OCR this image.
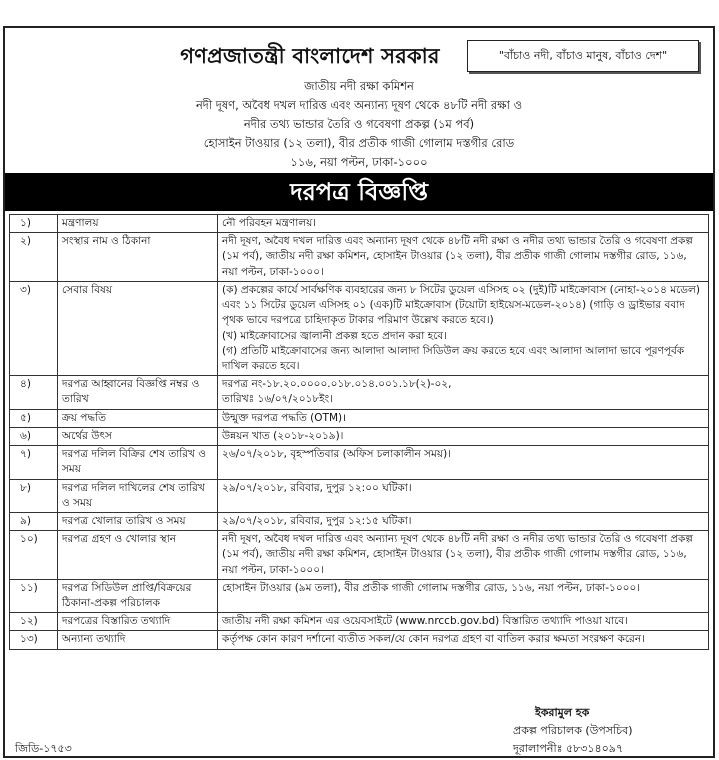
গণপ্রজাতন্ত্রী বাংলাদেশ সরকার	"বাঁচাও নদী, বাঁচাও মানুষ, বাঁচাও দেশ"
জাতীয় নদী রক্ষা কমিশন
নদী দূষণ, অবৈধ দখল দারিত্ত এবং অন্যান্য দূষণ থেকে ৪৮টি নদী রক্ষা ও
নদীর তথ্য ভান্ডার তৈরি ও গবেষণা প্রকল্প (১ম পর্ব)
হোসাইন টাওয়ার (১২ তলা), বীর প্রতীক গাজী গোলাম দস্তগীর রোড
১১৬, নয়া পল্টন, ঢাকা-১০০০
দরপত্র বিজ্ঞপ্তি
১)	মন্ত্রণালয়	নৌ পরিবহন মন্ত্রণালয়।
২)	সংস্থার নাম ও ঠিকানা	নদী দূষণ, অবৈধ দখল দারিত্ত এবং অন্যান্য দূষণ থেকে ৪৮টি নদী রক্ষা ও নদীর তথ্য ভান্ডার তৈরি ও গবেষণা প্রকল্প (১ম পর্ব), জাতীয় নদী রক্ষা কমিশন, হোসাইন টাওয়ার (১২ তলা), বীর প্রতীক গাজী গোলাম দস্তগীর রোড, ১১৬, নয়া পল্টন, ঢাকা-১০০০।
৩)	সেবার বিষয়	(ক) প্রকল্পের কার্যে সার্বক্ষণিক ব্যবহারের জন্য ৮ সিটের ডুয়েল এসিসহ ০২ (দুই)টি মাইক্রোবাস (নোহা-২০১৪ মডেল) এবং ১১ সিটের ডুয়েল এসিসহ ০১ (এক)টি মাইক্রোবাস (টয়োটা হাইয়েস-মডেল-২০১৪) (গাড়ি ও ড্রাইভার ববাদ পৃথক ভাবে দরপত্রে চাহিদাকৃত টাকার পরিমাণ উল্লেখ করতে হবে।)
(খ) মাইক্রোবাসের জ্বালানী প্রকল্প হতে প্রদান করা হবে।
(গ) প্রতিটি মাইক্রোবাসের জন্য আলাদা আলাদা সিডিউল ক্রয় করতে হবে এবং আলাদা আলাদা ভাবে পূরণপূর্বক দাখিল করতে হবে।

৪)	দরপত্র আহ্বানের বিজ্ঞপ্তি নম্বর ও তারিখ	দরপত্র নং-১৮.২০.০০০০.০১৮.০১৪.০০১.১৮(২)-০২,
তারিখঃ ১৬/০৭/২০১৮ইং।

৫)	ক্রয় পদ্ধতি	উন্মুক্ত দরপত্র পদ্ধতি (OTM)।
৬)	অর্থের উৎস	উন্নয়ন খাত (২০১৮-২০১৯)।
৭)	দরপত্র দলিল বিক্রির শেষ তারিখ ও সময়	২৬/০৭/২০১৮, বৃহস্পতিবার (অফিস চলাকালীন সময়)।
৮)	দরপত্র দলিল দাখিলের শেষ তারিখ ও সময়	২৯/০৭/২০১৮, রবিবার, দুপুর ১২:০০ ঘটিকা।
৯)	দরপত্র খোলার তারিখ ও সময়	২৯/০৭/২০১৮, রবিবার, দুপুর ১২:১৫ ঘটিকা।
১০)	দরপত্র গ্রহণ ও খোলার স্থান	নদী দূষণ, অবৈধ দখল দারিত্ত এবং অন্যান্য দূষণ থেকে ৪৮টি নদী রক্ষা ও নদীর তথ্য ভান্ডার তৈরি ও গবেষণা প্রকল্প (১ম পর্ব), জাতীয় নদী রক্ষা কমিশন, হোসাইন টাওয়ার (১২ তলা), বীর প্রতীক গাজী গোলাম দস্তগীর রোড, ১১৬, নয়া পল্টন, ঢাকা-১০০০।
১১)	দরপত্র সিডিউল প্রাপ্তি/বিক্রয়ের ঠিকানা-প্রকল্প পরিচালক	হোসাইন টাওয়ার (৯ম তলা), বীর প্রতীক গাজী গোলাম দস্তগীর রোড, ১১৬, নয়া পল্টন, ঢাকা-১০০০।
১২)	দরপত্রের বিস্তারিত তথ্যাদি	জাতীয় নদী রক্ষা কমিশন এর ওয়েবসাইটে (www.nrccb.gov.bd) বিস্তারিত তথ্যাদি পাওয়া যাবে।
১৩)	অন্যান্য তথ্যাদি	কর্তৃপক্ষ কোন কারণ দর্শানো ব্যতীত সকল/যে কোন দরপত্র গ্রহণ বা বাতিল করার ক্ষমতা সংরক্ষণ করেন।
ইকরামুল হক
প্রকল্প পরিচালক (উপসচিব)
দূরালাপনীঃ ৫৮৩১৪০৯৭
জিডি-১৭৫৩
